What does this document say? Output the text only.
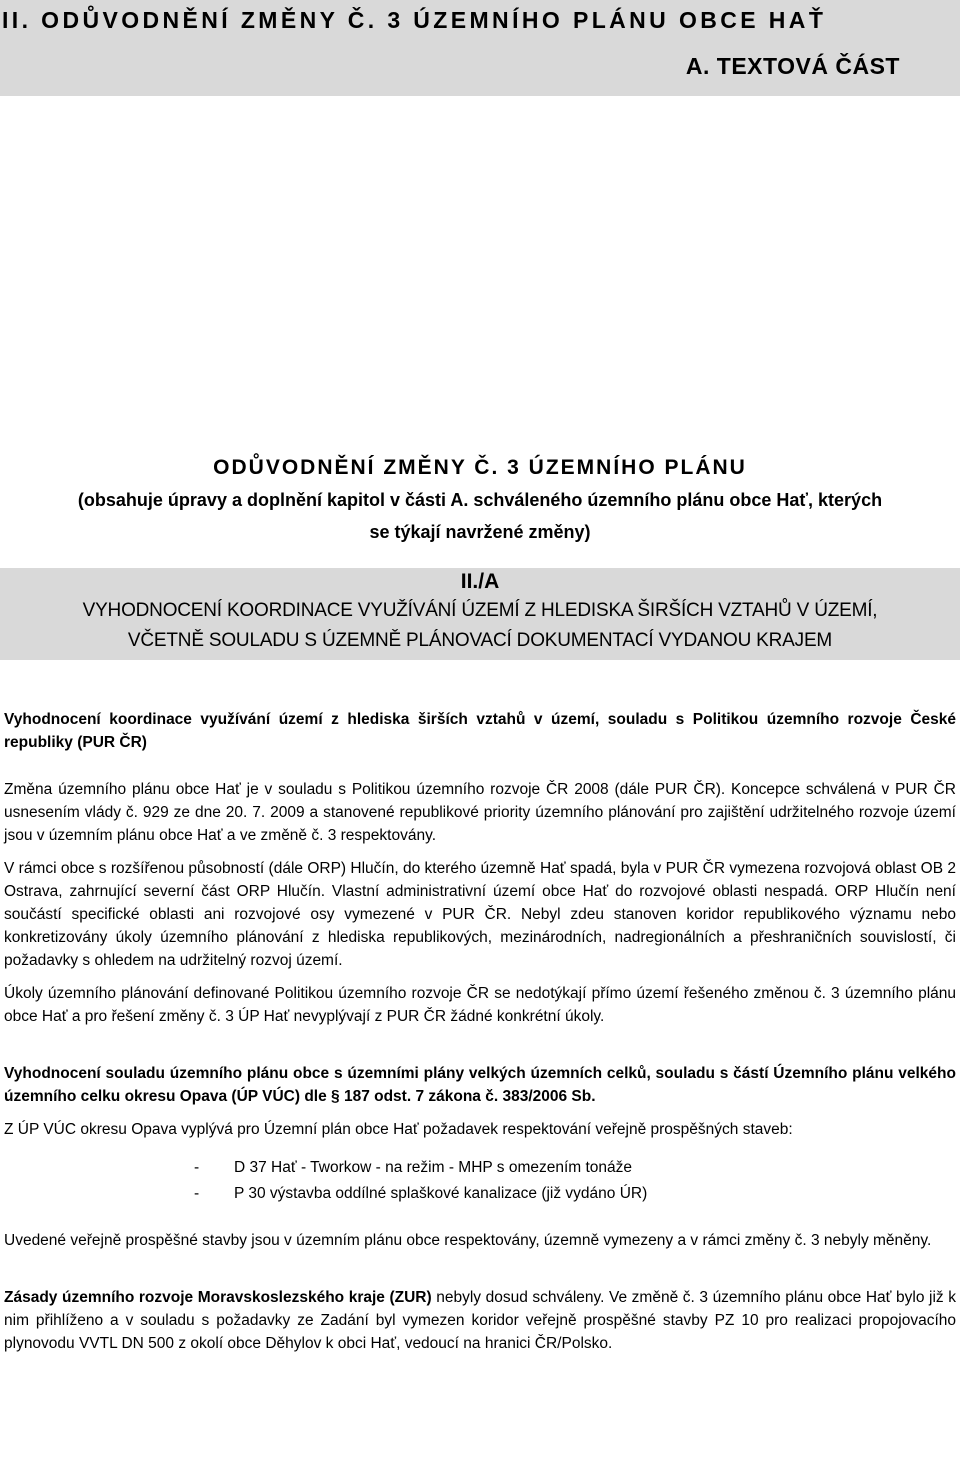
II. ODŮVODNĚNÍ ZMĚNY Č. 3 ÚZEMNÍHO PLÁNU OBCE HAŤ
A. TEXTOVÁ ČÁST
ODŮVODNĚNÍ ZMĚNY Č. 3 ÚZEMNÍHO PLÁNU
(obsahuje úpravy a doplnění kapitol v části A. schváleného územního plánu obce Hať, kterých
se týkají navržené změny)
II./A
VYHODNOCENÍ KOORDINACE VYUŽÍVÁNÍ ÚZEMÍ Z HLEDISKA ŠIRŠÍCH VZTAHŮ V ÚZEMÍ,
VČETNĚ SOULADU S ÚZEMNĚ PLÁNOVACÍ DOKUMENTACÍ VYDANOU KRAJEM

Vyhodnocení koordinace využívání území z hlediska širších vztahů v území, souladu s Politikou územního rozvoje České republiky (PUR ČR)

Změna územního plánu obce Hať je v souladu s Politikou územního rozvoje ČR 2008 (dále PUR ČR). Koncepce schválená v PUR ČR usnesením vlády č. 929 ze dne 20. 7. 2009 a stanovené republikové priority územního plánování pro zajištění udržitelného rozvoje území jsou v územním plánu obce Hať a ve změně č. 3 respektovány.

V rámci obce s rozšířenou působností (dále ORP) Hlučín, do kterého územně Hať spadá, byla v PUR ČR vymezena rozvojová oblast OB 2 Ostrava, zahrnující severní část ORP Hlučín. Vlastní administrativní území obce Hať do rozvojové oblasti nespadá. ORP Hlučín není součástí specifické oblasti ani rozvojové osy vymezené v PUR ČR. Nebyl zdeu stanoven koridor republikového významu nebo konkretizovány úkoly územního plánování z hlediska republikových, mezinárodních, nadregionálních a přeshraničních souvislostí, či požadavky s ohledem na udržitelný rozvoj území.

Úkoly územního plánování definované Politikou územního rozvoje ČR se nedotýkají přímo území řešeného změnou č. 3 územního plánu obce Hať a pro řešení změny č. 3 ÚP Hať nevyplývají z PUR ČR žádné konkrétní úkoly.

Vyhodnocení souladu územního plánu obce s územními plány velkých územních celků, souladu s částí Územního plánu velkého územního celku okresu Opava (ÚP VÚC) dle § 187 odst. 7 zákona č. 383/2006 Sb.

Z ÚP VÚC okresu Opava vyplývá pro Územní plán obce Hať požadavek respektování veřejně prospěšných staveb:

- D 37 Hať - Tworkow - na režim - MHP s omezením tonáže
- P 30 výstavba oddílné splaškové kanalizace (již vydáno ÚR)

Uvedené veřejně prospěšné stavby jsou v územním plánu obce respektovány, územně vymezeny a v rámci změny č. 3 nebyly měněny.

Zásady územního rozvoje Moravskoslezského kraje (ZUR) nebyly dosud schváleny. Ve změně č. 3 územního plánu obce Hať bylo již k nim přihlíženo a v souladu s požadavky ze Zadání byl vymezen koridor veřejně prospěšné stavby PZ 10 pro realizaci propojovacího plynovodu VVTL DN 500 z okolí obce Děhylov k obci Hať, vedoucí na hranici ČR/Polsko.
